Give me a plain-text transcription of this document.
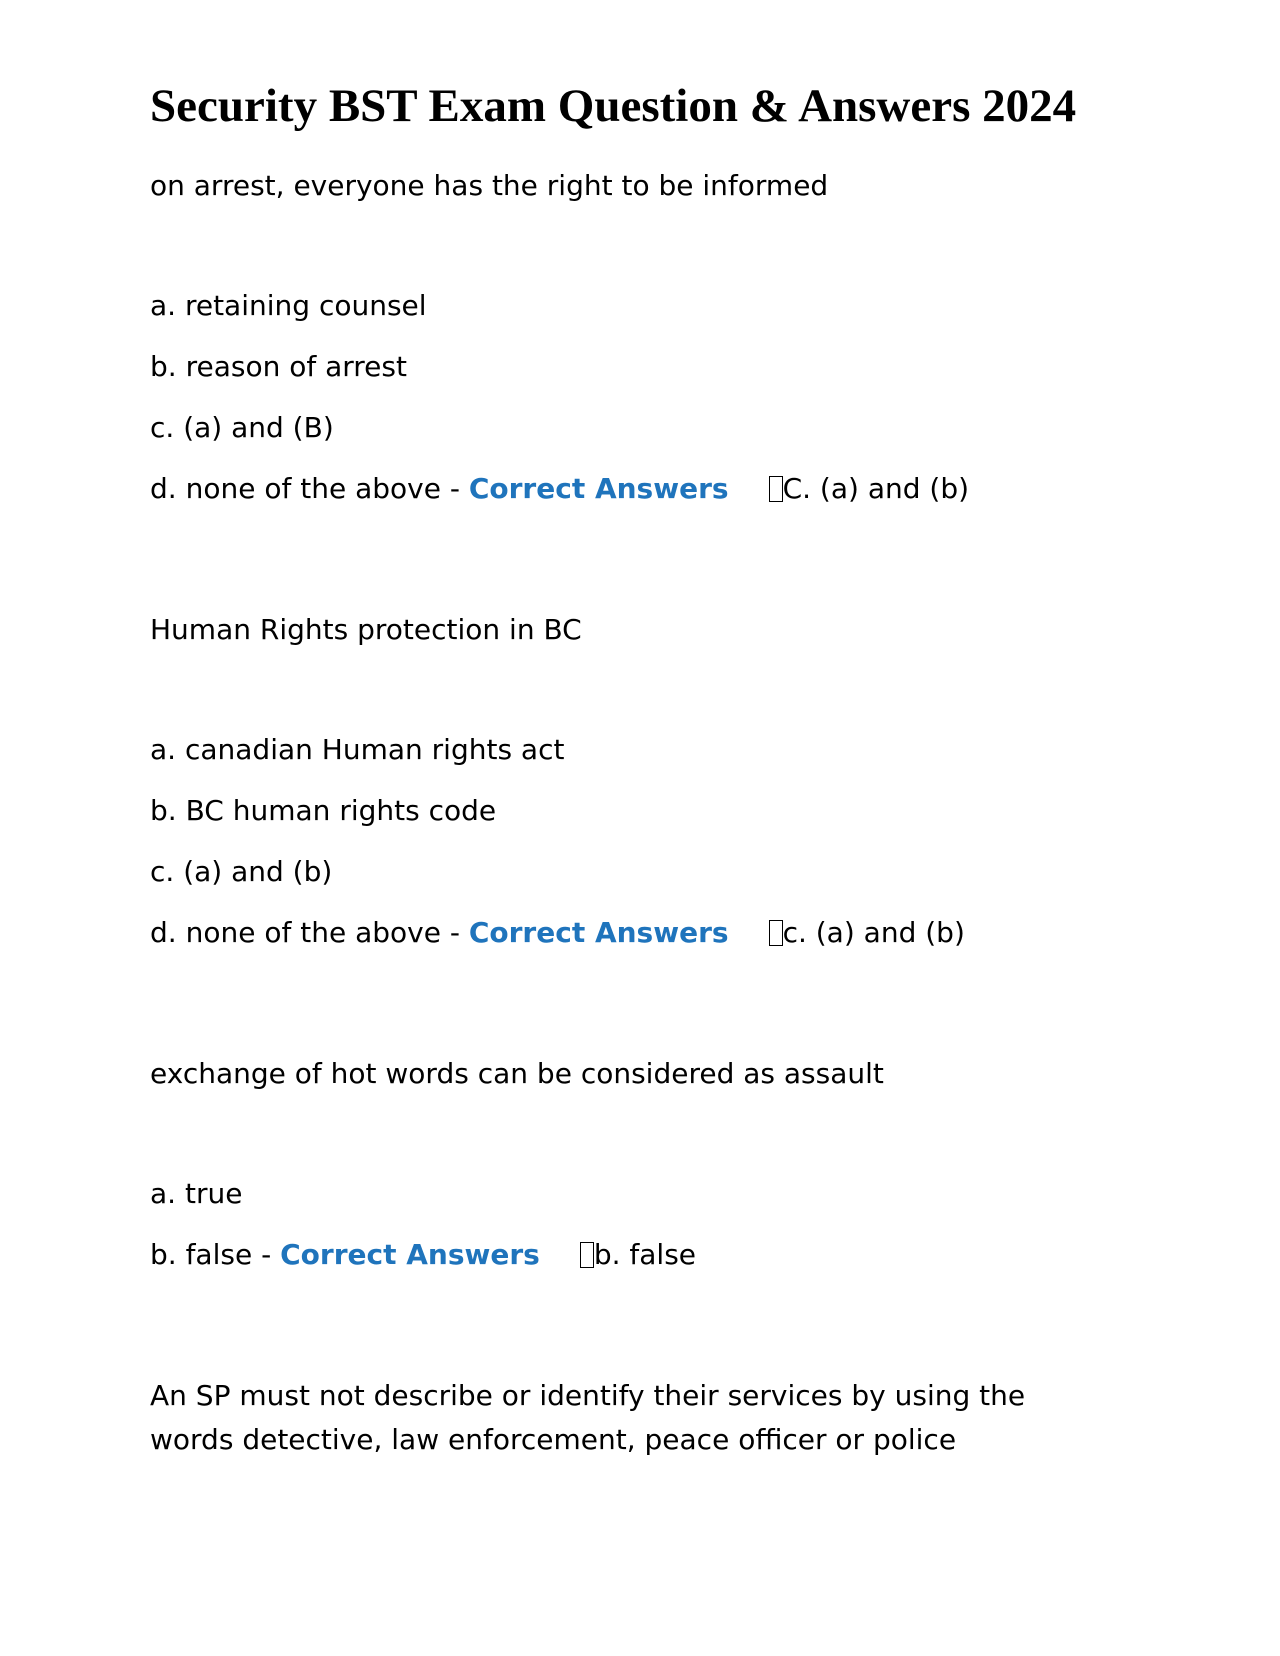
Security BST Exam Question & Answers 2024

on arrest, everyone has the right to be informed

a. retaining counsel

b. reason of arrest

c. (a) and (B)

d. none of the above - Correct Answers C. (a) and (b)

Human Rights protection in BC

a. canadian Human rights act

b. BC human rights code

c. (a) and (b)

d. none of the above - Correct Answers c. (a) and (b)

exchange of hot words can be considered as assault

a. true

b. false - Correct Answers b. false

An SP must not describe or identify their services by using the words detective, law enforcement, peace officer or police
